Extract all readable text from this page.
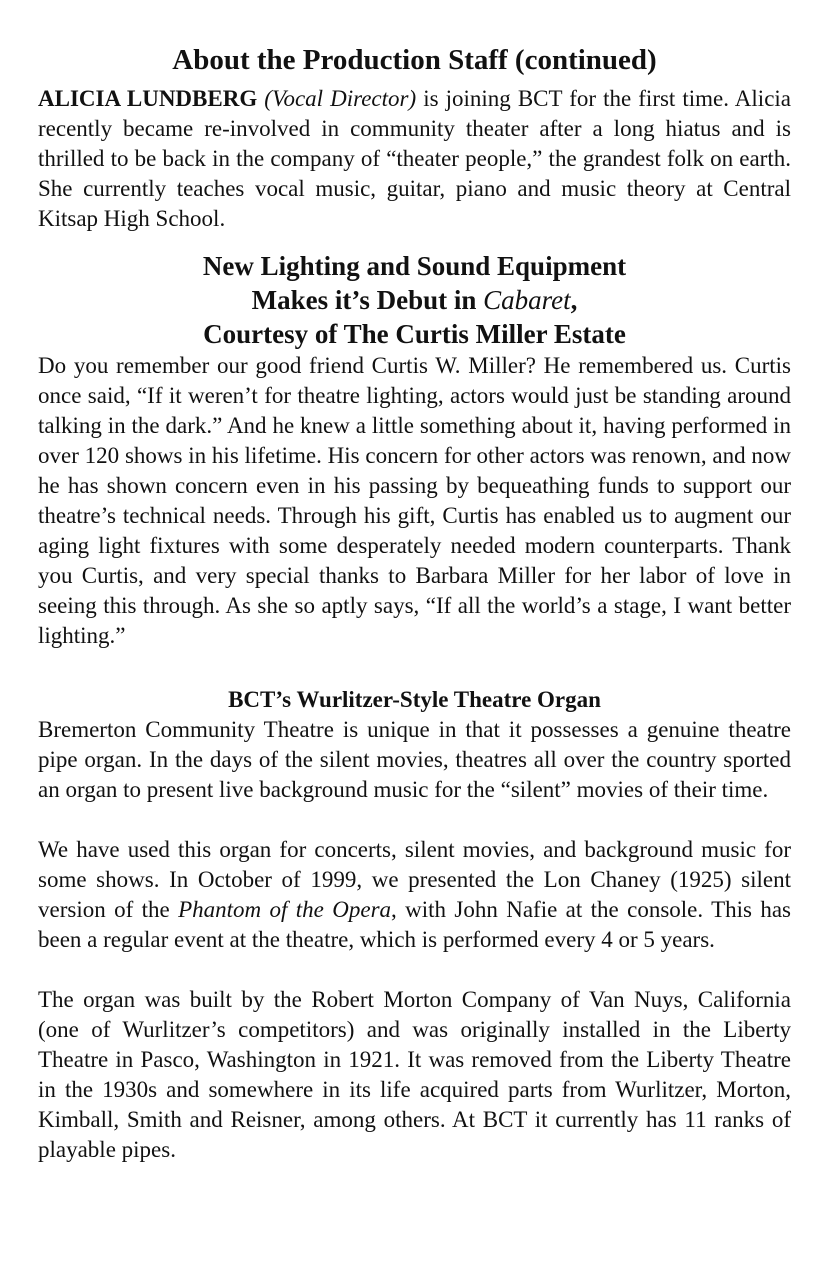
About the Production Staff (continued)

ALICIA LUNDBERG (Vocal Director) is joining BCT for the first time. Alicia recently became re-involved in community theater after a long hiatus and is thrilled to be back in the company of “theater people,” the grandest folk on earth. She currently teaches vocal music, guitar, piano and music theory at Central Kitsap High School.

New Lighting and Sound Equipment
Makes it’s Debut in Cabaret,
Courtesy of The Curtis Miller Estate

Do you remember our good friend Curtis W. Miller? He remembered us. Curtis once said, “If it weren’t for theatre lighting, actors would just be standing around talking in the dark.” And he knew a little something about it, having performed in over 120 shows in his lifetime. His concern for other actors was renown, and now he has shown concern even in his passing by bequeathing funds to support our theatre’s technical needs. Through his gift, Curtis has enabled us to augment our aging light fixtures with some desperately needed modern counterparts. Thank you Curtis, and very special thanks to Barbara Miller for her labor of love in seeing this through. As she so aptly says, “If all the world’s a stage, I want better lighting.”

BCT’s Wurlitzer-Style Theatre Organ

Bremerton Community Theatre is unique in that it possesses a genuine theatre pipe organ. In the days of the silent movies, theatres all over the country sported an organ to present live background music for the “silent” movies of their time.

We have used this organ for concerts, silent movies, and background music for some shows. In October of 1999, we presented the Lon Chaney (1925) silent version of the Phantom of the Opera, with John Nafie at the console. This has been a regular event at the theatre, which is performed every 4 or 5 years.

The organ was built by the Robert Morton Company of Van Nuys, California (one of Wurlitzer’s competitors) and was originally installed in the Liberty Theatre in Pasco, Washington in 1921. It was removed from the Liberty Theatre in the 1930s and somewhere in its life acquired parts from Wurlitzer, Morton, Kimball, Smith and Reisner, among others. At BCT it currently has 11 ranks of playable pipes.
